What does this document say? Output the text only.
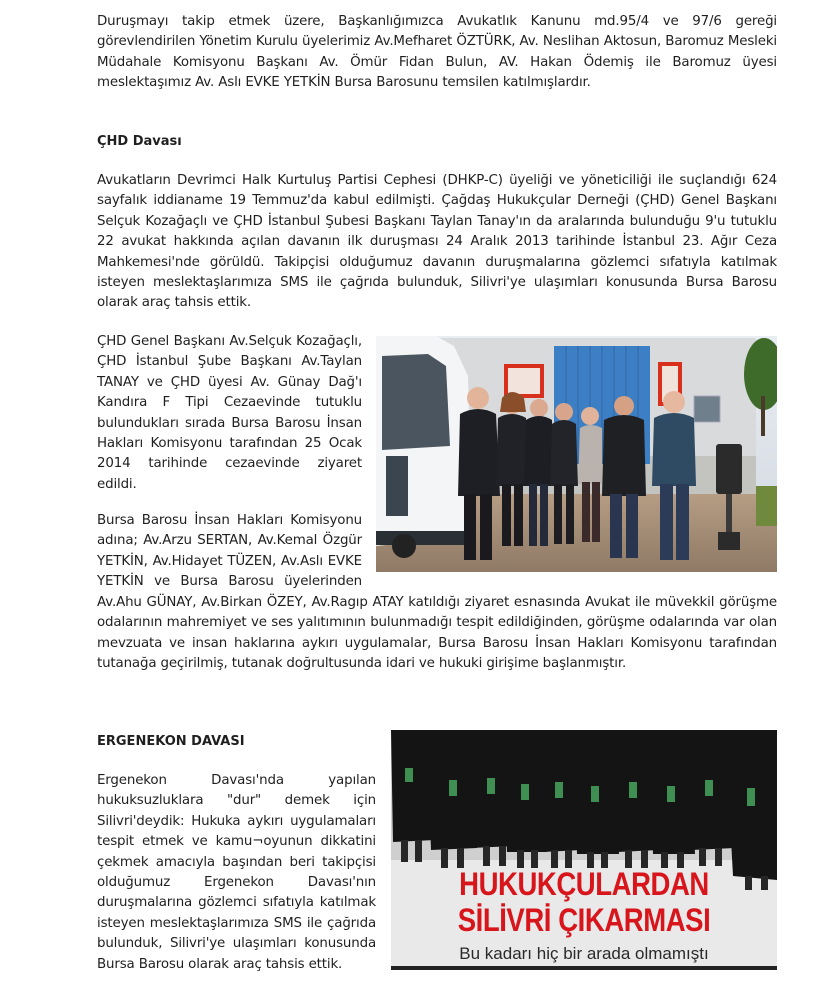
Duruşmayı takip etmek üzere, Başkanlığımızca Avukatlık Kanunu md.95/4 ve 97/6 gereği görevlendirilen Yönetim Kurulu üyelerimiz Av.Mefharet ÖZTÜRK, Av. Neslihan Aktosun, Baromuz Mesleki Müdahale Komisyonu Başkanı Av. Ömür Fidan Bulun, AV. Hakan Ödemiş ile Baromuz üyesi meslektaşımız Av. Aslı EVKE YETKİN Bursa Barosunu temsilen katılmışlardır.

ÇHD Davası

Avukatların Devrimci Halk Kurtuluş Partisi Cephesi (DHKP-C) üyeliği ve yöneticiliği ile suçlandığı 624 sayfalık iddianame 19 Temmuz'da kabul edilmişti. Çağdaş Hukukçular Derneği (ÇHD) Genel Başkanı Selçuk Kozağaçlı ve ÇHD İstanbul Şubesi Başkanı Taylan Tanay'ın da aralarında bulunduğu 9'u tutuklu 22 avukat hakkında açılan davanın ilk duruşması 24 Aralık 2013 tarihinde İstanbul 23. Ağır Ceza Mahkemesi'nde görüldü. Takipçisi olduğumuz davanın duruşmalarına gözlemci sıfatıyla katılmak isteyen meslektaşlarımıza SMS ile çağrıda bulunduk, Silivri'ye ulaşımları konusunda Bursa Barosu olarak araç tahsis ettik.

ÇHD Genel Başkanı Av.Selçuk Kozağaçlı, ÇHD İstanbul Şube Başkanı Av.Taylan TANAY ve ÇHD üyesi Av. Günay Dağ'ı Kandıra F Tipi Cezaevinde tutuklu bulundukları sırada Bursa Barosu İnsan Hakları Komisyonu tarafından 25 Ocak 2014 tarihinde cezaevinde ziyaret edildi.

Bursa Barosu İnsan Hakları Komisyonu

adına; Av.Arzu SERTAN, Av.Kemal Özgür

YETKİN, Av.Hidayet TÜZEN, Av.Aslı EVKE

YETKİN ve Bursa Barosu üyelerinden

Av.Ahu GÜNAY, Av.Birkan ÖZEY, Av.Ragıp ATAY katıldığı ziyaret esnasında Avukat ile müvekkil görüşme odalarının mahremiyet ve ses yalıtımının bulunmadığı tespit edildiğinden, görüşme odalarında var olan mevzuata ve insan haklarına aykırı uygulamalar, Bursa Barosu İnsan Hakları Komisyonu tarafından tutanağa geçirilmiş, tutanak doğrultusunda idari ve hukuki girişime başlanmıştır.

ERGENEKON DAVASI

Ergenekon Davası'nda yapılan hukuksuzluklara "dur" demek için Silivri'deydik: Hukuka aykırı uygulamaları tespit etmek ve kamu¬oyunun dikkatini çekmek amacıyla başından beri takipçisi olduğumuz Ergenekon Davası'nın duruşmalarına gözlemci sıfatıyla katılmak isteyen meslektaşlarımıza SMS ile çağrıda bulunduk, Silivri'ye ulaşımları konusunda Bursa Barosu olarak araç tahsis ettik.

HUKUKÇULARDAN
SİLİVRİ ÇIKARMASI
Bu kadarı hiç bir arada olmamıştı
